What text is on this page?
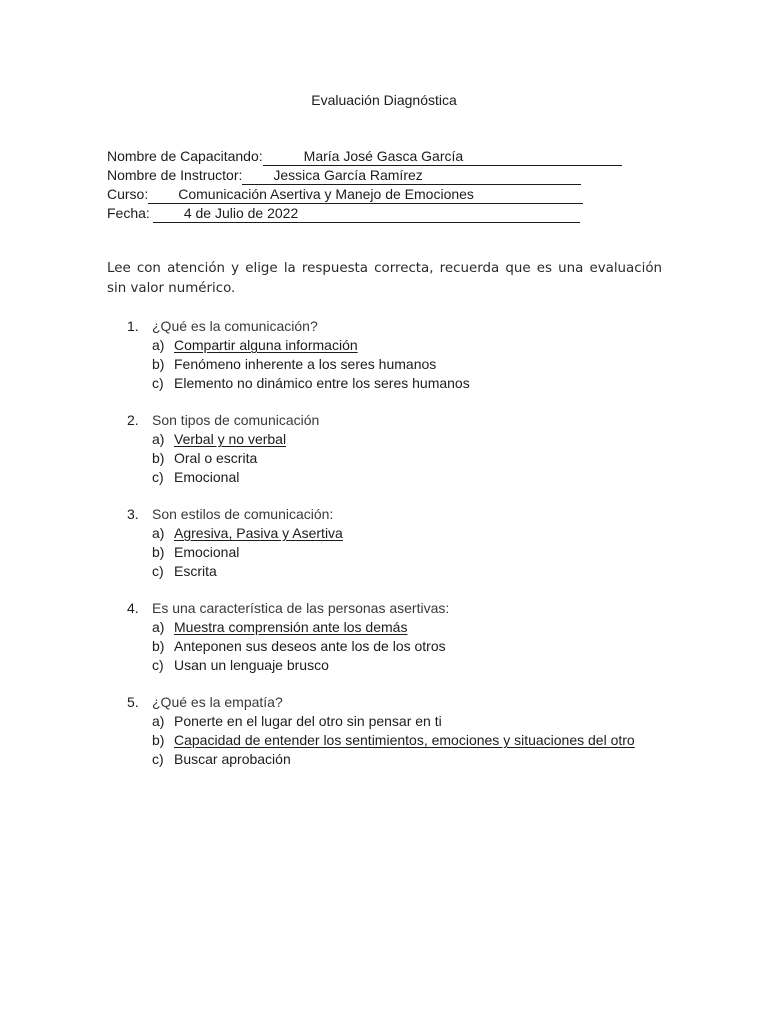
Evaluación Diagnóstica
Nombre de Capacitando:	María José Gasca García
Nombre de Instructor:	Jessica García Ramírez
Curso:	Comunicación Asertiva y Manejo de Emociones
Fecha:	4 de Julio de 2022
Lee con atención y elige la respuesta correcta, recuerda que es una evaluación sin valor numérico.
1. ¿Qué es la comunicación?
a) Compartir alguna información
b) Fenómeno inherente a los seres humanos
c) Elemento no dinámico entre los seres humanos
2. Son tipos de comunicación
a) Verbal y no verbal
b) Oral o escrita
c) Emocional
3. Son estilos de comunicación:
a) Agresiva, Pasiva y Asertiva
b) Emocional
c) Escrita
4. Es una característica de las personas asertivas:
a) Muestra comprensión ante los demás
b) Anteponen sus deseos ante los de los otros
c) Usan un lenguaje brusco
5. ¿Qué es la empatía?
a) Ponerte en el lugar del otro sin pensar en ti
b) Capacidad de entender los sentimientos, emociones y situaciones del otro
c) Buscar aprobación
